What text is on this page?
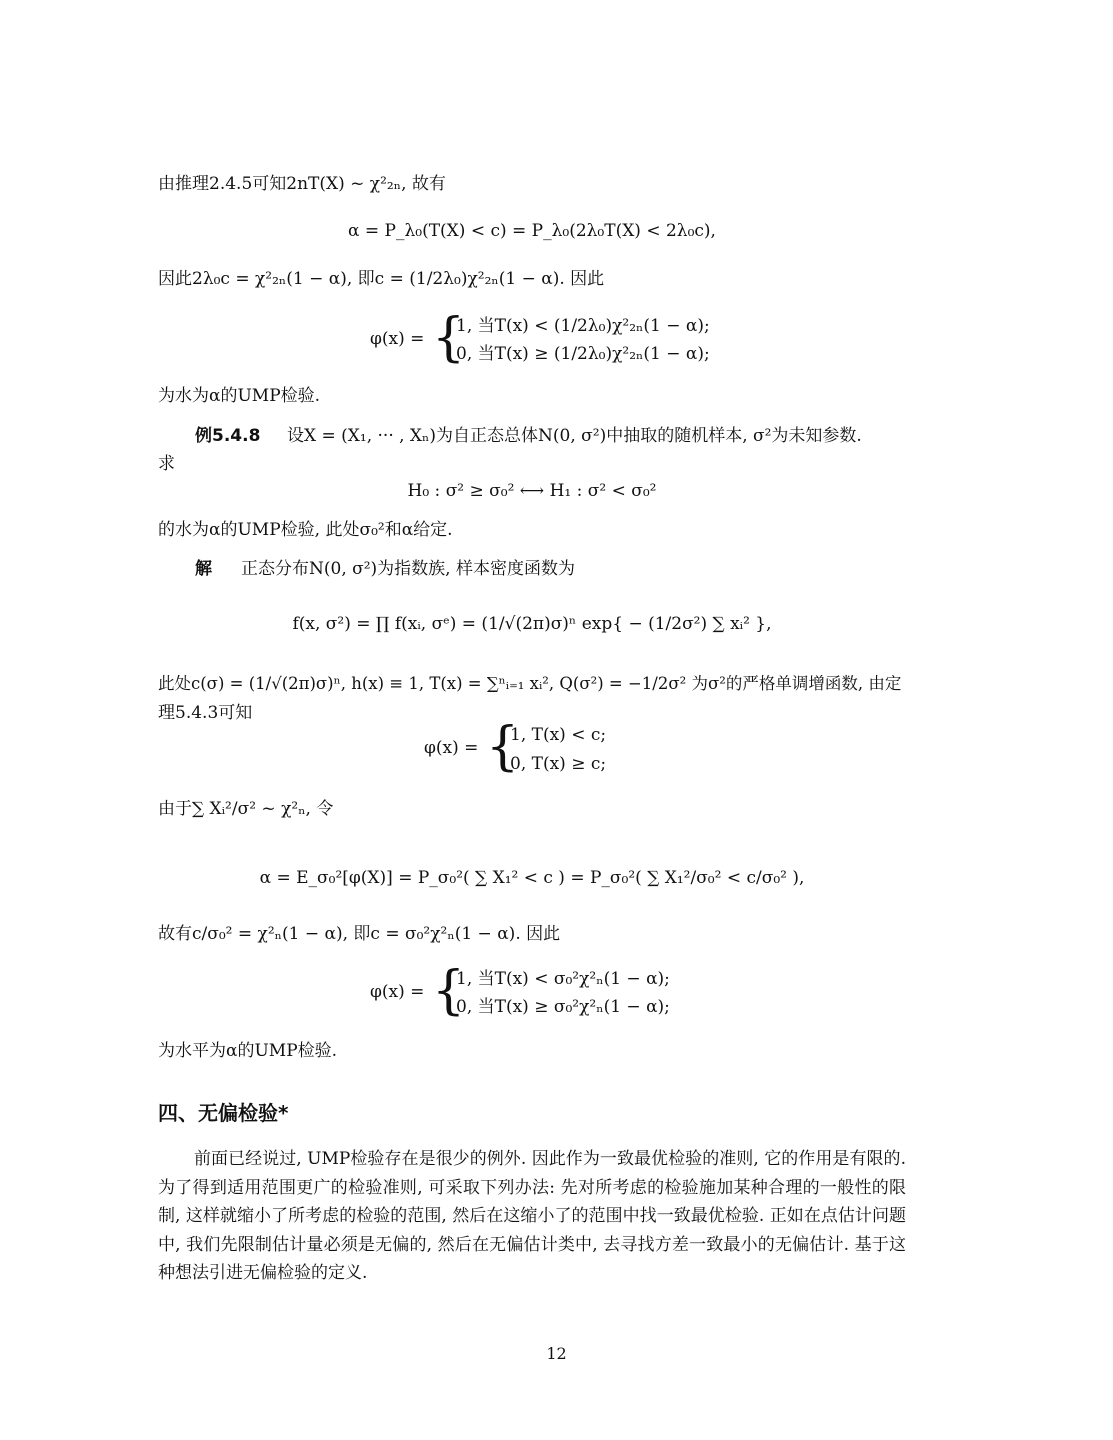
由推理2.4.5可知2nT(X) ~ χ²₂ₙ, 故有
α = P_λ₀(T(X) < c) = P_λ₀(2λ₀T(X) < 2λ₀c),
因此2λ₀c = χ²₂ₙ(1 − α), 即c = (1/2λ₀)χ²₂ₙ(1 − α). 因此
φ(x) = {
1, 当T(x) < (1/2λ₀)χ²₂ₙ(1 − α);
0, 当T(x) ≥ (1/2λ₀)χ²₂ₙ(1 − α);
为水为α的UMP检验.
例5.4.8 设X = (X₁, ··· , Xₙ)为自正态总体N(0, σ²)中抽取的随机样本, σ²为未知参数.
求
H₀ : σ² ≥ σ₀² ⟷ H₁ : σ² < σ₀²
的水为α的UMP检验, 此处σ₀²和α给定.
解 正态分布N(0, σ²)为指数族, 样本密度函数为
f(x, σ²) = ∏ f(xᵢ, σᵉ) = (1/√(2π)σ)ⁿ exp{ − (1/2σ²) ∑ xᵢ² },
此处c(σ) = (1/√(2π)σ)ⁿ, h(x) ≡ 1, T(x) = ∑ⁿᵢ₌₁ xᵢ², Q(σ²) = −1/2σ² 为σ²的严格单调增函数, 由定
理5.4.3可知
φ(x) = {
1, T(x) < c;
0, T(x) ≥ c;
由于∑ Xᵢ²/σ² ~ χ²ₙ, 令
α = E_σ₀²[φ(X)] = P_σ₀²( ∑ X₁² < c ) = P_σ₀²( ∑ X₁²/σ₀² < c/σ₀² ),
故有c/σ₀² = χ²ₙ(1 − α), 即c = σ₀²χ²ₙ(1 − α). 因此
φ(x) = {
1, 当T(x) < σ₀²χ²ₙ(1 − α);
0, 当T(x) ≥ σ₀²χ²ₙ(1 − α);
为水平为α的UMP检验.
四、无偏检验*
前面已经说过, UMP检验存在是很少的例外. 因此作为一致最优检验的准则, 它的作用是有限的. 为了得到适用范围更广的检验准则, 可采取下列办法: 先对所考虑的检验施加某种合理的一般性的限制, 这样就缩小了所考虑的检验的范围, 然后在这缩小了的范围中找一致最优检验. 正如在点估计问题中, 我们先限制估计量必须是无偏的, 然后在无偏估计类中, 去寻找方差一致最小的无偏估计. 基于这种想法引进无偏检验的定义.
12
